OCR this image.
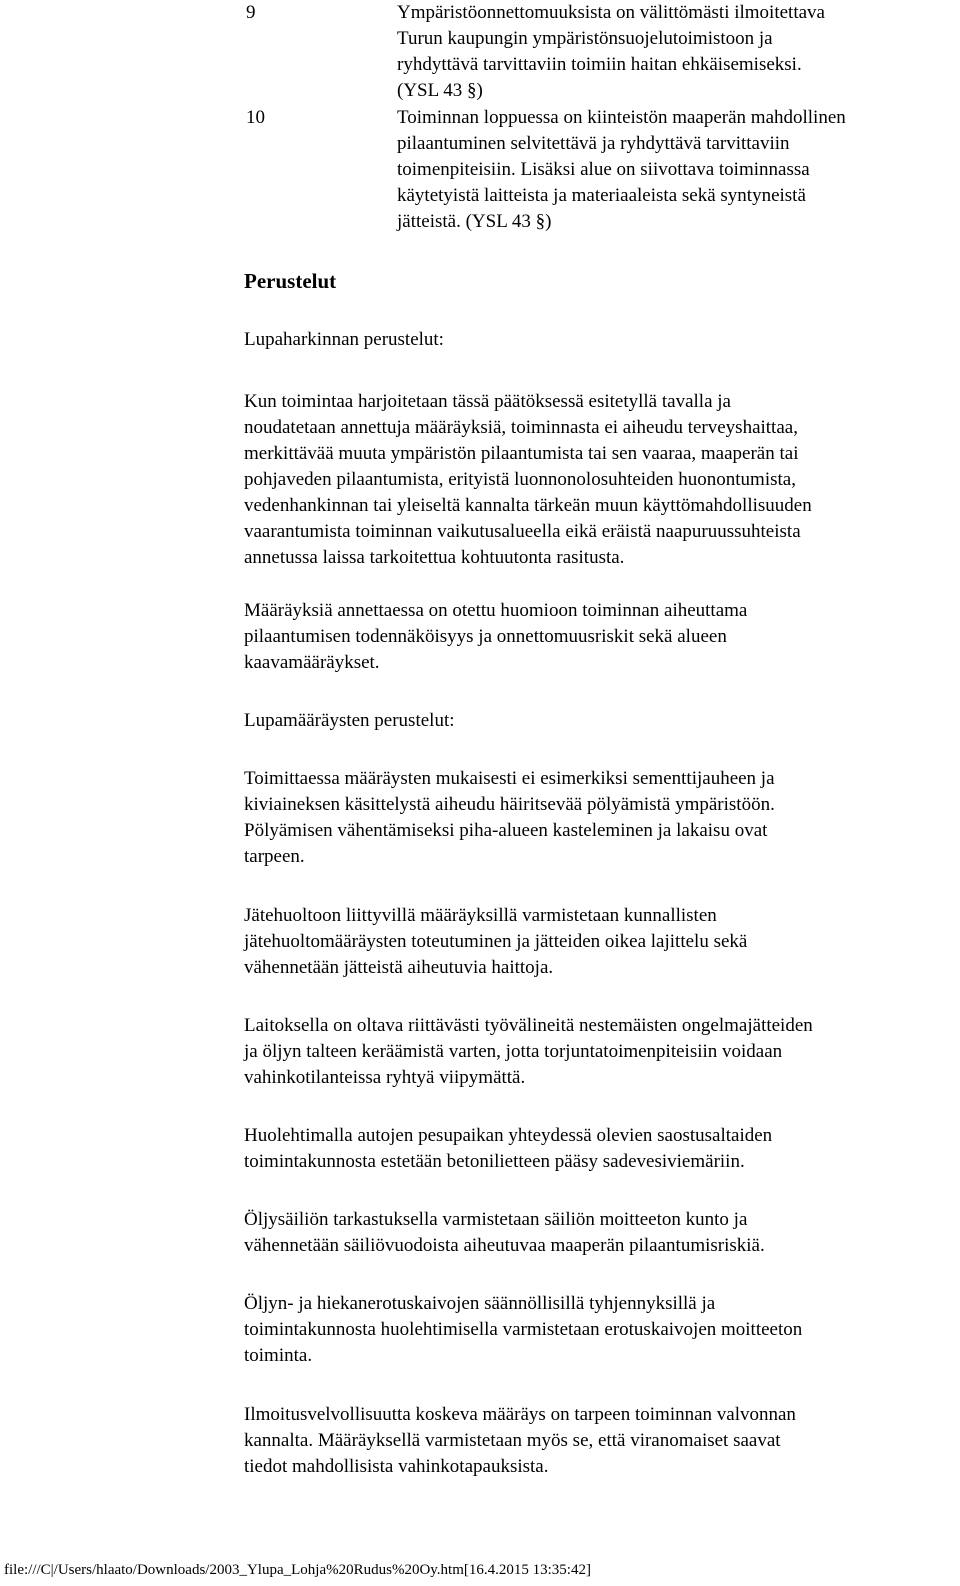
9	Ympäristöonnettomuuksista on välittömästi ilmoitettava
Turun kaupungin ympäristönsuojelutoimistoon ja
ryhdyttävä tarvittaviin toimiin haitan ehkäisemiseksi.
(YSL 43 §)
10	Toiminnan loppuessa on kiinteistön maaperän mahdollinen
pilaantuminen selvitettävä ja ryhdyttävä tarvittaviin
toimenpiteisiin. Lisäksi alue on siivottava toiminnassa
käytetyistä laitteista ja materiaaleista sekä syntyneistä
jätteistä. (YSL 43 §)
Perustelut
Lupaharkinnan perustelut:
Kun toimintaa harjoitetaan tässä päätöksessä esitetyllä tavalla ja
noudatetaan annettuja määräyksiä, toiminnasta ei aiheudu terveyshaittaa,
merkittävää muuta ympäristön pilaantumista tai sen vaaraa, maaperän tai
pohjaveden pilaantumista, erityistä luonnonolosuhteiden huonontumista,
vedenhankinnan tai yleiseltä kannalta tärkeän muun käyttömahdollisuuden
vaarantumista toiminnan vaikutusalueella eikä eräistä naapuruussuhteista
annetussa laissa tarkoitettua kohtuutonta rasitusta.
Määräyksiä annettaessa on otettu huomioon toiminnan aiheuttama
pilaantumisen todennäköisyys ja onnettomuusriskit sekä alueen
kaavamääräykset.
Lupamääräysten perustelut:
Toimittaessa määräysten mukaisesti ei esimerkiksi sementtijauheen ja
kiviaineksen käsittelystä aiheudu häiritsevää pölyämistä ympäristöön.
Pölyämisen vähentämiseksi piha-alueen kasteleminen ja lakaisu ovat
tarpeen.
Jätehuoltoon liittyvillä määräyksillä varmistetaan kunnallisten
jätehuoltomääräysten toteutuminen ja jätteiden oikea lajittelu sekä
vähennetään jätteistä aiheutuvia haittoja.
Laitoksella on oltava riittävästi työvälineitä nestemäisten ongelmajätteiden
ja öljyn talteen keräämistä varten, jotta torjuntatoimenpiteisiin voidaan
vahinkotilanteissa ryhtyä viipymättä.
Huolehtimalla autojen pesupaikan yhteydessä olevien saostusaltaiden
toimintakunnosta estetään betonilietteen pääsy sadevesiviemäriin.
Öljysäiliön tarkastuksella varmistetaan säiliön moitteeton kunto ja
vähennetään säiliövuodoista aiheutuvaa maaperän pilaantumisriskiä.
Öljyn- ja hiekanerotuskaivojen säännöllisillä tyhjennyksillä ja
toimintakunnosta huolehtimisella varmistetaan erotuskaivojen moitteeton
toiminta.
Ilmoitusvelvollisuutta koskeva määräys on tarpeen toiminnan valvonnan
kannalta. Määräyksellä varmistetaan myös se, että viranomaiset saavat
tiedot mahdollisista vahinkotapauksista.
file:///C|/Users/hlaato/Downloads/2003_Ylupa_Lohja%20Rudus%20Oy.htm[16.4.2015 13:35:42]
